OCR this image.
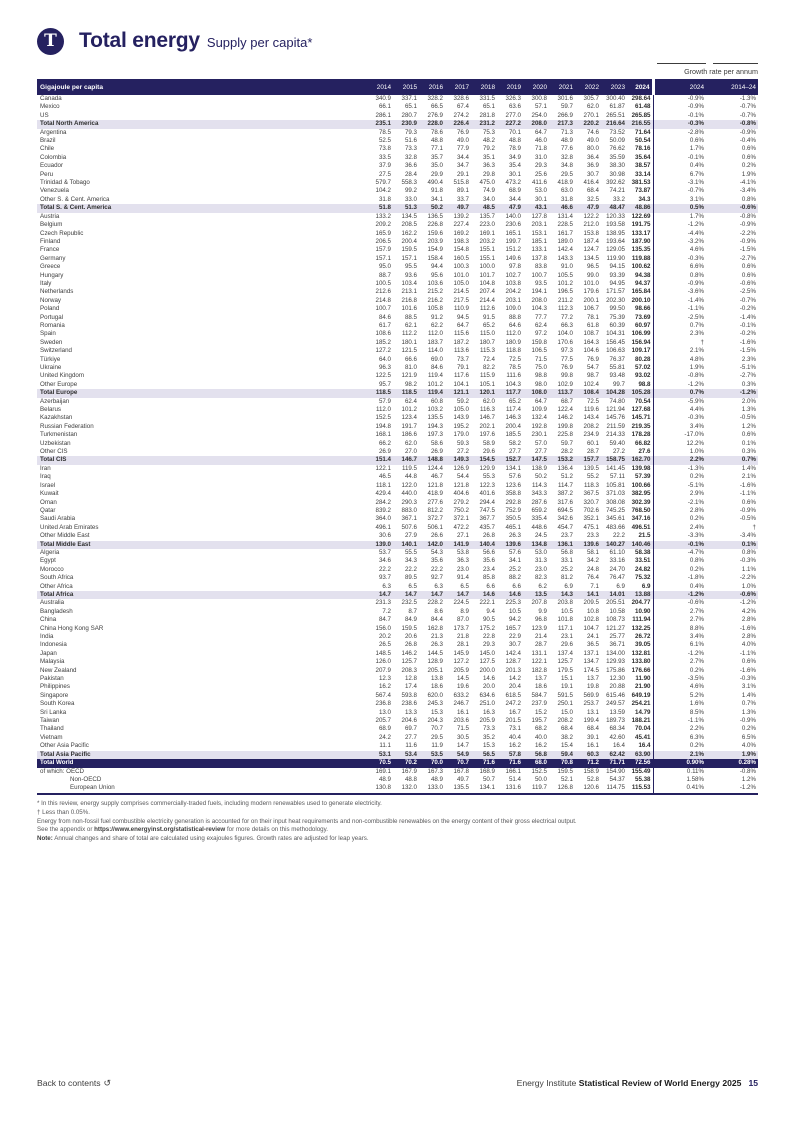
T	Total energy Supply per capita*
Growth rate per annum
Gigajoule per capita	2014	2015	2016	2017	2018	2019	2020	2021	2022	2023	2024	2024	2014–24
Canada	340.9	337.1	328.2	328.6	331.5	326.3	300.8	301.6	305.7	300.40	298.64	-0.9%	-1.3%
Mexico	66.1	65.1	66.5	67.4	65.1	63.6	57.1	59.7	62.0	61.87	61.48	-0.9%	-0.7%
US	286.1	280.7	276.9	274.2	281.8	277.0	254.0	266.9	270.1	265.51	265.85	-0.1%	-0.7%
Total North America	235.1	230.9	228.0	226.4	231.2	227.2	208.0	217.3	220.2	216.64	216.55	-0.3%	-0.8%
Argentina	78.5	79.3	78.6	76.9	75.3	70.1	64.7	71.3	74.6	73.52	71.64	-2.8%	-0.9%
Brazil	52.5	51.6	48.8	49.0	48.2	48.8	46.0	48.9	49.0	50.09	50.54	0.6%	-0.4%
Chile	73.8	73.3	77.1	77.9	79.2	78.9	71.8	77.6	80.0	76.62	78.16	1.7%	0.6%
Colombia	33.5	32.8	35.7	34.4	35.1	34.9	31.0	32.8	36.4	35.59	35.64	-0.1%	0.6%
Ecuador	37.9	36.6	35.0	34.7	36.3	35.4	29.3	34.8	36.9	38.30	38.57	0.4%	0.2%
Peru	27.5	28.4	29.9	29.1	29.8	30.1	25.6	29.5	30.7	30.98	33.14	6.7%	1.9%
Trinidad & Tobago	579.7	558.3	490.4	515.8	475.0	473.2	411.6	418.9	416.4	392.62	381.53	-3.1%	-4.1%
Venezuela	104.2	99.2	91.8	89.1	74.9	68.9	53.0	63.0	68.4	74.21	73.87	-0.7%	-3.4%
Other S. & Cent. America	31.8	33.0	34.1	33.7	34.0	34.4	30.1	31.8	32.5	33.2	34.3	3.1%	0.8%
Total S. & Cent. America	51.8	51.3	50.2	49.7	48.5	47.9	43.1	46.6	47.9	48.47	48.86	0.5%	-0.6%
Austria	133.2	134.5	136.5	139.2	135.7	140.0	127.8	131.4	122.2	120.33	122.69	1.7%	-0.8%
Belgium	209.2	208.5	226.8	227.4	223.0	230.6	203.1	228.5	212.0	193.58	191.75	-1.2%	-0.9%
Czech Republic	165.9	162.2	159.6	169.2	169.1	165.1	153.1	161.7	153.8	138.95	133.17	-4.4%	-2.2%
Finland	206.5	200.4	203.9	198.3	203.2	199.7	185.1	189.0	187.4	193.64	187.90	-3.2%	-0.9%
France	157.9	159.5	154.9	154.8	155.1	151.2	133.1	142.4	124.7	129.05	135.35	4.6%	-1.5%
Germany	157.1	157.1	158.4	160.5	155.1	149.6	137.8	143.3	134.5	119.90	119.88	-0.3%	-2.7%
Greece	95.0	95.5	94.4	100.3	100.0	97.8	83.8	91.0	96.5	94.15	100.62	6.6%	0.6%
Hungary	88.7	93.6	95.6	101.0	101.7	102.7	100.7	105.5	99.0	93.39	94.38	0.8%	0.6%
Italy	100.5	103.4	103.6	105.0	104.8	103.8	93.5	101.2	101.0	94.95	94.37	-0.9%	-0.6%
Netherlands	212.6	213.1	215.2	214.5	207.4	204.2	194.1	196.5	179.6	171.57	165.84	-3.6%	-2.5%
Norway	214.8	216.8	216.2	217.5	214.4	203.1	208.0	211.2	200.1	202.30	200.10	-1.4%	-0.7%
Poland	100.7	101.6	105.8	110.9	112.6	109.0	104.3	112.3	106.7	99.50	98.66	-1.1%	-0.2%
Portugal	84.6	88.5	91.2	94.5	91.5	88.8	77.7	77.2	78.1	75.39	73.69	-2.5%	-1.4%
Romania	61.7	62.1	62.2	64.7	65.2	64.6	62.4	66.3	61.8	60.39	60.97	0.7%	-0.1%
Spain	108.6	112.2	112.0	115.6	115.0	112.0	97.2	104.0	108.7	104.31	106.99	2.3%	-0.2%
Sweden	185.2	180.1	183.7	187.2	180.7	180.9	159.8	170.6	164.3	156.45	156.94	†	-1.6%
Switzerland	127.2	121.5	114.0	113.6	115.3	118.8	106.5	97.3	104.6	106.63	109.17	2.1%	-1.5%
Türkiye	64.0	66.6	69.0	73.7	72.4	72.5	71.5	77.5	76.9	76.37	80.28	4.8%	2.3%
Ukraine	96.3	81.0	84.6	79.1	82.2	78.5	75.0	76.9	54.7	55.81	57.02	1.9%	-5.1%
United Kingdom	122.5	121.9	119.4	117.6	115.9	111.6	98.8	99.8	98.7	93.48	93.02	-0.8%	-2.7%
Other Europe	95.7	98.2	101.2	104.1	105.1	104.3	98.0	102.9	102.4	99.7	98.8	-1.2%	0.3%
Total Europe	118.5	118.5	119.4	121.1	120.1	117.7	108.0	113.7	108.4	104.28	105.28	0.7%	-1.2%
Azerbaijan	57.9	62.4	60.8	59.2	62.0	65.2	64.7	68.7	72.5	74.80	70.54	-5.9%	2.0%
Belarus	112.0	101.2	103.2	105.0	116.3	117.4	109.9	122.4	119.6	121.94	127.68	4.4%	1.3%
Kazakhstan	152.5	123.4	135.5	143.9	146.7	146.3	132.4	146.2	143.4	145.76	145.71	-0.3%	-0.5%
Russian Federation	194.8	191.7	194.3	195.2	202.1	200.4	192.8	199.8	208.2	211.59	219.35	3.4%	1.2%
Turkmenistan	168.1	186.6	197.3	179.0	197.6	185.5	230.1	225.8	234.9	214.33	178.28	-17.0%	0.6%
Uzbekistan	66.2	62.0	58.6	59.3	58.9	58.2	57.0	59.7	60.1	59.40	66.82	12.2%	0.1%
Other CIS	26.9	27.0	26.9	27.2	29.6	27.7	27.7	28.2	28.7	27.2	27.6	1.0%	0.3%
Total CIS	151.4	146.7	148.8	149.3	154.5	152.7	147.5	153.2	157.7	158.75	162.70	2.2%	0.7%
Iran	122.1	119.5	124.4	126.9	129.9	134.1	138.9	136.4	139.5	141.45	139.98	-1.3%	1.4%
Iraq	46.5	44.8	46.7	54.4	55.3	57.6	50.2	51.2	55.2	57.11	57.39	0.2%	2.1%
Israel	118.1	122.0	121.8	121.8	122.3	123.6	114.3	114.7	118.3	105.81	100.66	-5.1%	-1.6%
Kuwait	429.4	440.0	418.9	404.6	401.6	358.8	343.3	387.2	367.5	371.03	382.95	2.9%	-1.1%
Oman	284.2	290.3	277.6	279.2	294.4	292.8	287.6	317.6	320.7	308.08	302.39	-2.1%	0.6%
Qatar	839.2	883.0	812.2	750.2	747.5	752.9	659.2	694.5	702.6	745.25	768.50	2.8%	-0.9%
Saudi Arabia	364.0	367.1	372.7	372.1	367.7	350.5	335.4	342.6	352.1	345.61	347.16	0.2%	-0.5%
United Arab Emirates	496.1	507.6	506.1	472.2	435.7	465.1	448.6	454.7	475.1	483.66	496.51	2.4%	†
Other Middle East	30.6	27.9	26.6	27.1	26.8	26.3	24.5	23.7	23.3	22.2	21.5	-3.3%	-3.4%
Total Middle East	139.0	140.1	142.0	141.9	140.4	139.6	134.8	136.1	139.6	140.27	140.46	-0.1%	0.1%
Algeria	53.7	55.5	54.3	53.8	56.6	57.6	53.0	56.8	58.1	61.10	58.38	-4.7%	0.8%
Egypt	34.6	34.3	35.6	36.3	35.6	34.1	31.3	33.1	34.2	33.16	33.51	0.8%	-0.3%
Morocco	22.2	22.2	22.2	23.0	23.4	25.2	23.0	25.2	24.8	24.70	24.82	0.2%	1.1%
South Africa	93.7	89.5	92.7	91.4	85.8	88.2	82.3	81.2	76.4	76.47	75.32	-1.8%	-2.2%
Other Africa	6.3	6.5	6.3	6.5	6.6	6.6	6.2	6.9	7.1	6.9	6.9	0.4%	1.0%
Total Africa	14.7	14.7	14.7	14.7	14.6	14.6	13.5	14.3	14.1	14.01	13.88	-1.2%	-0.6%
Australia	231.3	232.5	228.2	224.5	222.1	225.3	207.8	203.8	209.5	205.51	204.77	-0.6%	-1.2%
Bangladesh	7.2	8.7	8.6	8.9	9.4	10.5	9.9	10.5	10.8	10.58	10.90	2.7%	4.2%
China	84.7	84.9	84.4	87.0	90.5	94.2	96.8	101.8	102.8	108.73	111.94	2.7%	2.8%
China Hong Kong SAR	156.0	159.5	162.8	173.7	175.2	165.7	123.9	117.1	104.7	121.27	132.25	8.8%	-1.6%
India	20.2	20.6	21.3	21.8	22.8	22.9	21.4	23.1	24.1	25.77	26.72	3.4%	2.8%
Indonesia	26.5	26.8	26.3	28.1	29.3	30.7	28.7	29.6	36.5	36.71	39.05	6.1%	4.0%
Japan	148.5	146.2	144.5	145.9	145.0	142.4	131.1	137.4	137.1	134.00	132.81	-1.2%	-1.1%
Malaysia	126.0	125.7	128.9	127.2	127.5	128.7	122.1	125.7	134.7	129.93	133.80	2.7%	0.6%
New Zealand	207.9	208.3	205.1	205.9	200.0	201.3	182.8	179.5	174.5	175.86	176.66	0.2%	-1.6%
Pakistan	12.3	12.8	13.8	14.5	14.6	14.2	13.7	15.1	13.7	12.30	11.90	-3.5%	-0.3%
Philippines	16.2	17.4	18.6	19.6	20.0	20.4	18.6	19.1	19.8	20.88	21.90	4.6%	3.1%
Singapore	567.4	593.8	620.0	633.2	634.6	618.5	584.7	591.5	569.9	615.46	649.19	5.2%	1.4%
South Korea	236.8	238.6	245.3	246.7	251.0	247.2	237.9	250.1	253.7	249.57	254.21	1.6%	0.7%
Sri Lanka	13.0	13.3	15.3	16.1	16.3	16.7	15.2	15.0	13.1	13.59	14.79	8.5%	1.3%
Taiwan	205.7	204.6	204.3	203.6	205.9	201.5	195.7	208.2	199.4	189.73	188.21	-1.1%	-0.9%
Thailand	68.9	69.7	70.7	71.5	73.3	73.1	68.2	68.4	68.4	68.34	70.04	2.2%	0.2%
Vietnam	24.2	27.7	29.5	30.5	35.2	40.4	40.0	38.2	39.1	42.60	45.41	6.3%	6.5%
Other Asia Pacific	11.1	11.6	11.9	14.7	15.3	16.2	16.2	15.4	16.1	16.4	16.4	0.2%	4.0%
Total Asia Pacific	53.1	53.4	53.5	54.9	56.5	57.8	56.8	59.4	60.3	62.42	63.90	2.1%	1.9%
Total World	70.5	70.2	70.0	70.7	71.6	71.6	68.0	70.8	71.2	71.71	72.56	0.90%	0.28%
of which: OECD	169.1	167.9	167.3	167.8	168.9	166.1	152.5	159.5	158.9	154.90	155.49	0.11%	-0.8%
Non-OECD	48.9	48.8	48.9	49.7	50.7	51.4	50.0	52.1	52.8	54.37	55.38	1.58%	1.2%
European Union	130.8	132.0	133.0	135.5	134.1	131.6	119.7	126.8	120.6	114.75	115.53	0.41%	-1.2%
* In this review, energy supply comprises commercially-traded fuels, including modern renewables used to generate electricity.
† Less than 0.05%.
Energy from non-fossil fuel combustible electricity generation is accounted for on their input heat requirements and non-combustible renewables on the energy content of their gross electrical output.
See the appendix or https://www.energyinst.org/statistical-review for more details on this methodology.
Note: Annual changes and share of total are calculated using exajoules figures. Growth rates are adjusted for leap years.
Back to contents ↺	Energy Institute Statistical Review of World Energy 2025 15
